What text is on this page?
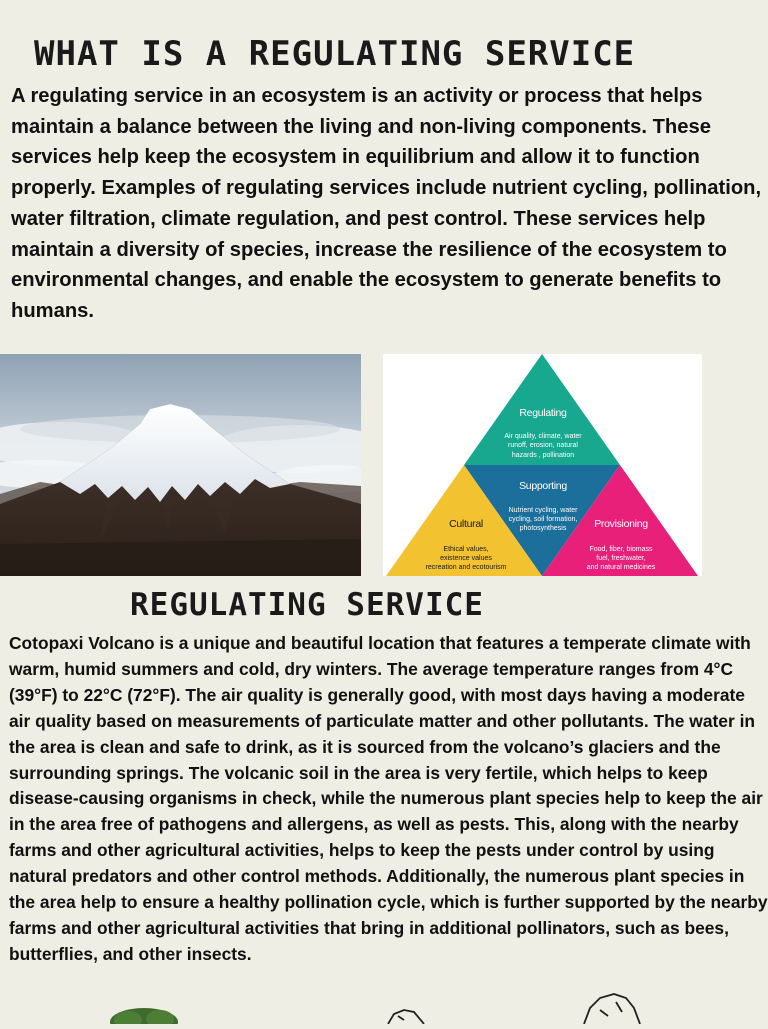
WHAT IS A REGULATING SERVICE

A regulating service in an ecosystem is an activity or process that helps maintain a balance between the living and non-living components. These services help keep the ecosystem in equilibrium and allow it to function properly. Examples of regulating services include nutrient cycling, pollination, water filtration, climate regulation, and pest control. These services help maintain a diversity of species, increase the resilience of the ecosystem to environmental changes, and enable the ecosystem to generate benefits to humans.

Regulating
Air quality, climate, water
runoff, erosion, natural
hazards , pollination
Supporting
Nutrient cycling, water
cycling, soil formation,
photosynthesis
Cultural
Ethical values,
existence values
recreation and ecotourism
Provisioning
Food, fiber, biomass
fuel, freshwater,
and natural medicines
REGULATING SERVICE

Cotopaxi Volcano is a unique and beautiful location that features a temperate climate with warm, humid summers and cold, dry winters. The average temperature ranges from 4°C (39°F) to 22°C (72°F). The air quality is generally good, with most days having a moderate air quality based on measurements of particulate matter and other pollutants. The water in the area is clean and safe to drink, as it is sourced from the volcano’s glaciers and the surrounding springs. The volcanic soil in the area is very fertile, which helps to keep disease-causing organisms in check, while the numerous plant species help to keep the air in the area free of pathogens and allergens, as well as pests. This, along with the nearby farms and other agricultural activities, helps to keep the pests under control by using natural predators and other control methods. Additionally, the numerous plant species in the area help to ensure a healthy pollination cycle, which is further supported by the nearby farms and other agricultural activities that bring in additional pollinators, such as bees, butterflies, and other insects.
